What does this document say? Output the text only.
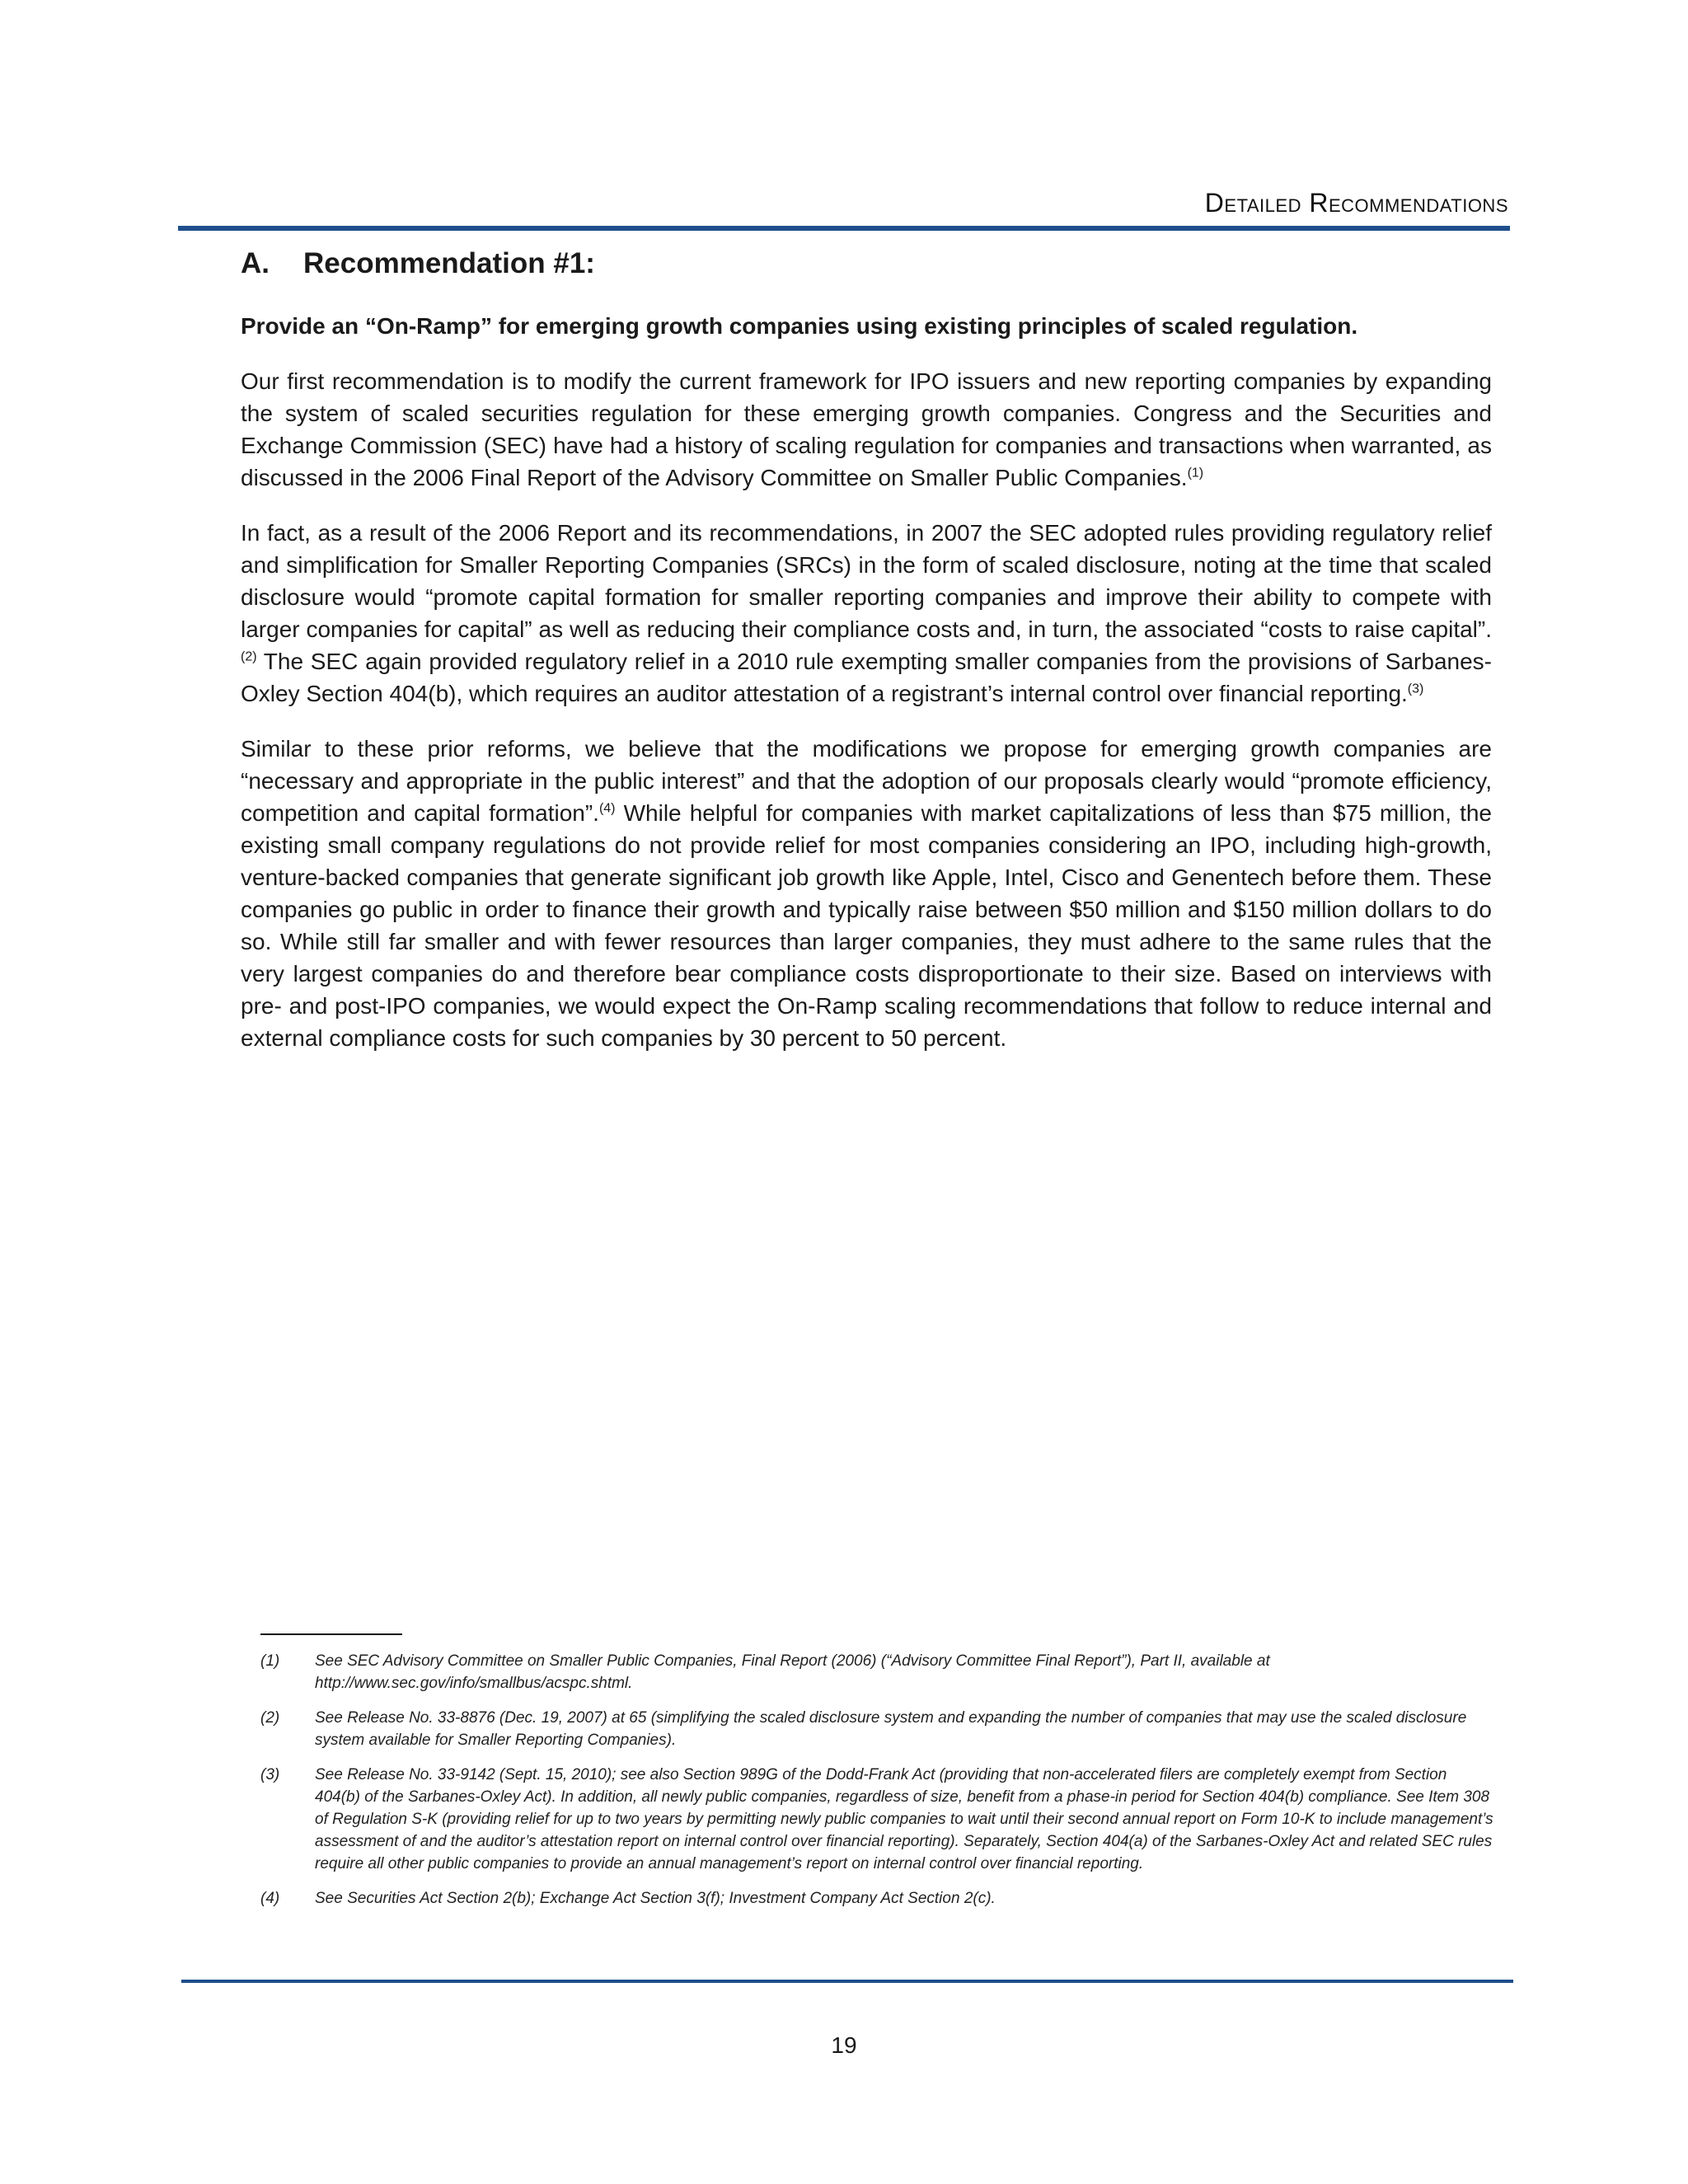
Detailed Recommendations
A.	Recommendation #1:
Provide an “On-Ramp” for emerging growth companies using existing principles of scaled regulation.

Our first recommendation is to modify the current framework for IPO issuers and new reporting companies by expanding the system of scaled securities regulation for these emerging growth companies. Congress and the Securities and Exchange Commission (SEC) have had a history of scaling regulation for companies and transactions when warranted, as discussed in the 2006 Final Report of the Advisory Committee on Smaller Public Companies.$^{(1)}$

In fact, as a result of the 2006 Report and its recommendations, in 2007 the SEC adopted rules providing regulatory relief and simplification for Smaller Reporting Companies (SRCs) in the form of scaled disclosure, noting at the time that scaled disclosure would “promote capital formation for smaller reporting companies and improve their ability to compete with larger companies for capital” as well as reducing their compliance costs and, in turn, the associated “costs to raise capital”.$^{(2)}$ The SEC again provided regulatory relief in a 2010 rule exempting smaller companies from the provisions of Sarbanes-Oxley Section 404(b), which requires an auditor attestation of a registrant’s internal control over financial reporting.$^{(3)}$

Similar to these prior reforms, we believe that the modifications we propose for emerging growth companies are “necessary and appropriate in the public interest” and that the adoption of our proposals clearly would “promote efficiency, competition and capital formation”.$^{(4)}$ While helpful for companies with market capitalizations of less than $75 million, the existing small company regulations do not provide relief for most companies considering an IPO, including high-growth, venture-backed companies that generate significant job growth like Apple, Intel, Cisco and Genentech before them. These companies go public in order to finance their growth and typically raise between $50 million and $150 million dollars to do so. While still far smaller and with fewer resources than larger companies, they must adhere to the same rules that the very largest companies do and therefore bear compliance costs disproportionate to their size. Based on interviews with pre- and post-IPO companies, we would expect the On-Ramp scaling recommendations that follow to reduce internal and external compliance costs for such companies by 30 percent to 50 percent.

(1)	See SEC Advisory Committee on Smaller Public Companies, Final Report (2006) (“Advisory Committee Final Report”), Part II, available at http://www.sec.gov/info/smallbus/acspc.shtml.
(2)	See Release No. 33-8876 (Dec. 19, 2007) at 65 (simplifying the scaled disclosure system and expanding the number of companies that may use the scaled disclosure system available for Smaller Reporting Companies).
(3)	See Release No. 33-9142 (Sept. 15, 2010); see also Section 989G of the Dodd-Frank Act (providing that non-accelerated filers are completely exempt from Section 404(b) of the Sarbanes-Oxley Act). In addition, all newly public companies, regardless of size, benefit from a phase-in period for Section 404(b) compliance. See Item 308 of Regulation S-K (providing relief for up to two years by permitting newly public companies to wait until their second annual report on Form 10-K to include management’s assessment of and the auditor’s attestation report on internal control over financial reporting). Separately, Section 404(a) of the Sarbanes-Oxley Act and related SEC rules require all other public companies to provide an annual management’s report on internal control over financial reporting.
(4)	See Securities Act Section 2(b); Exchange Act Section 3(f); Investment Company Act Section 2(c).
19
